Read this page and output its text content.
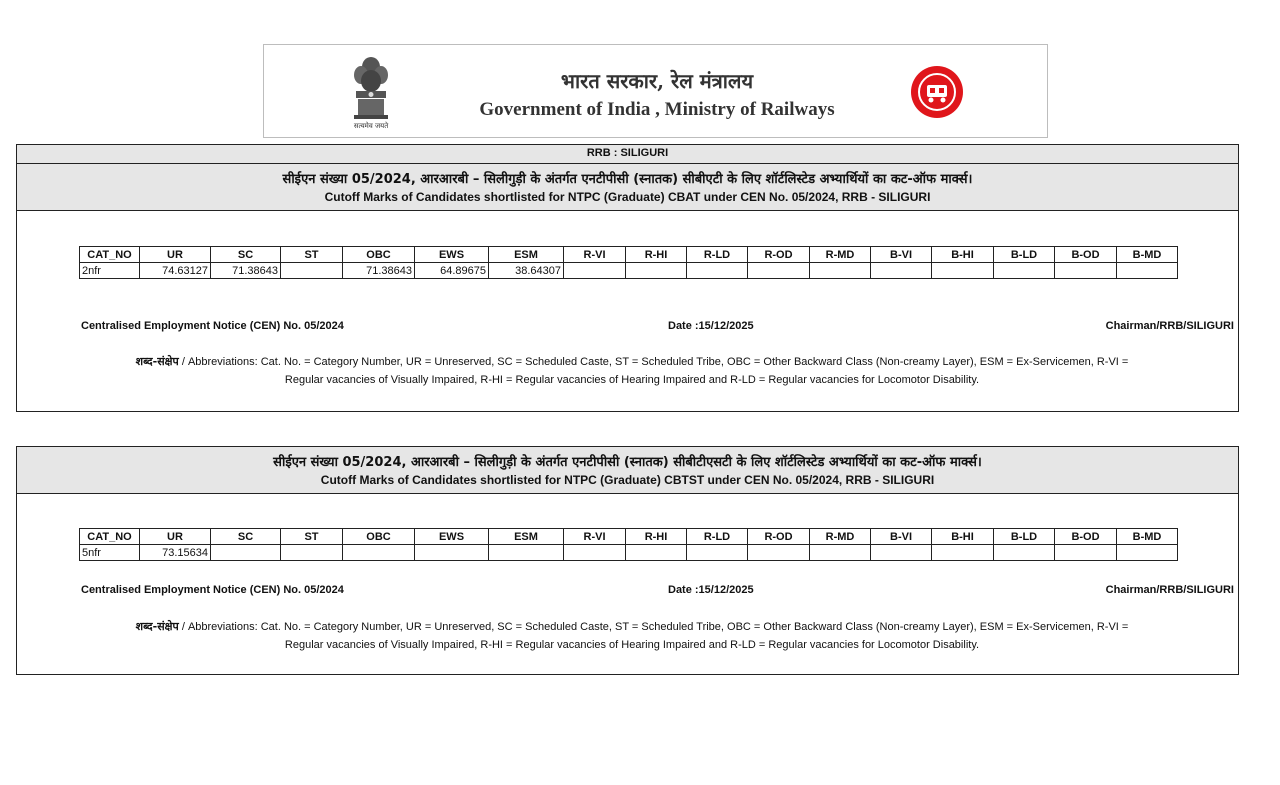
सत्यमेव जयते
भारत सरकार, रेल मंत्रालय
Government of India , Ministry of Railways
RRB : SILIGURI
सीईएन संख्या 05/2024, आरआरबी – सिलीगुड़ी के अंतर्गत एनटीपीसी (स्नातक) सीबीएटी के लिए शॉर्टलिस्टेड अभ्यार्थियों का कट-ऑफ मार्क्स।
Cutoff Marks of Candidates shortlisted for NTPC (Graduate) CBAT under CEN No. 05/2024, RRB - SILIGURI
CAT_NO	UR	SC	ST	OBC	EWS	ESM	R-VI	R-HI	R-LD	R-OD	R-MD	B-VI	B-HI	B-LD	B-OD	B-MD
2nfr	74.63127	71.38643		71.38643	64.89675	38.64307										
Centralised Employment Notice (CEN) No. 05/2024	Date :15/12/2025	Chairman/RRB/SILIGURI
शब्द-संक्षेप / Abbreviations: Cat. No. = Category Number, UR = Unreserved, SC = Scheduled Caste, ST = Scheduled Tribe, OBC = Other Backward Class (Non-creamy Layer), ESM = Ex-Servicemen, R-VI =
Regular vacancies of Visually Impaired, R-HI = Regular vacancies of Hearing Impaired and R-LD = Regular vacancies for Locomotor Disability.
सीईएन संख्या 05/2024, आरआरबी – सिलीगुड़ी के अंतर्गत एनटीपीसी (स्नातक) सीबीटीएसटी के लिए शॉर्टलिस्टेड अभ्यार्थियों का कट-ऑफ मार्क्स।
Cutoff Marks of Candidates shortlisted for NTPC (Graduate) CBTST under CEN No. 05/2024, RRB - SILIGURI
CAT_NO	UR	SC	ST	OBC	EWS	ESM	R-VI	R-HI	R-LD	R-OD	R-MD	B-VI	B-HI	B-LD	B-OD	B-MD
5nfr	73.15634															
Centralised Employment Notice (CEN) No. 05/2024	Date :15/12/2025	Chairman/RRB/SILIGURI
शब्द-संक्षेप / Abbreviations: Cat. No. = Category Number, UR = Unreserved, SC = Scheduled Caste, ST = Scheduled Tribe, OBC = Other Backward Class (Non-creamy Layer), ESM = Ex-Servicemen, R-VI =
Regular vacancies of Visually Impaired, R-HI = Regular vacancies of Hearing Impaired and R-LD = Regular vacancies for Locomotor Disability.
